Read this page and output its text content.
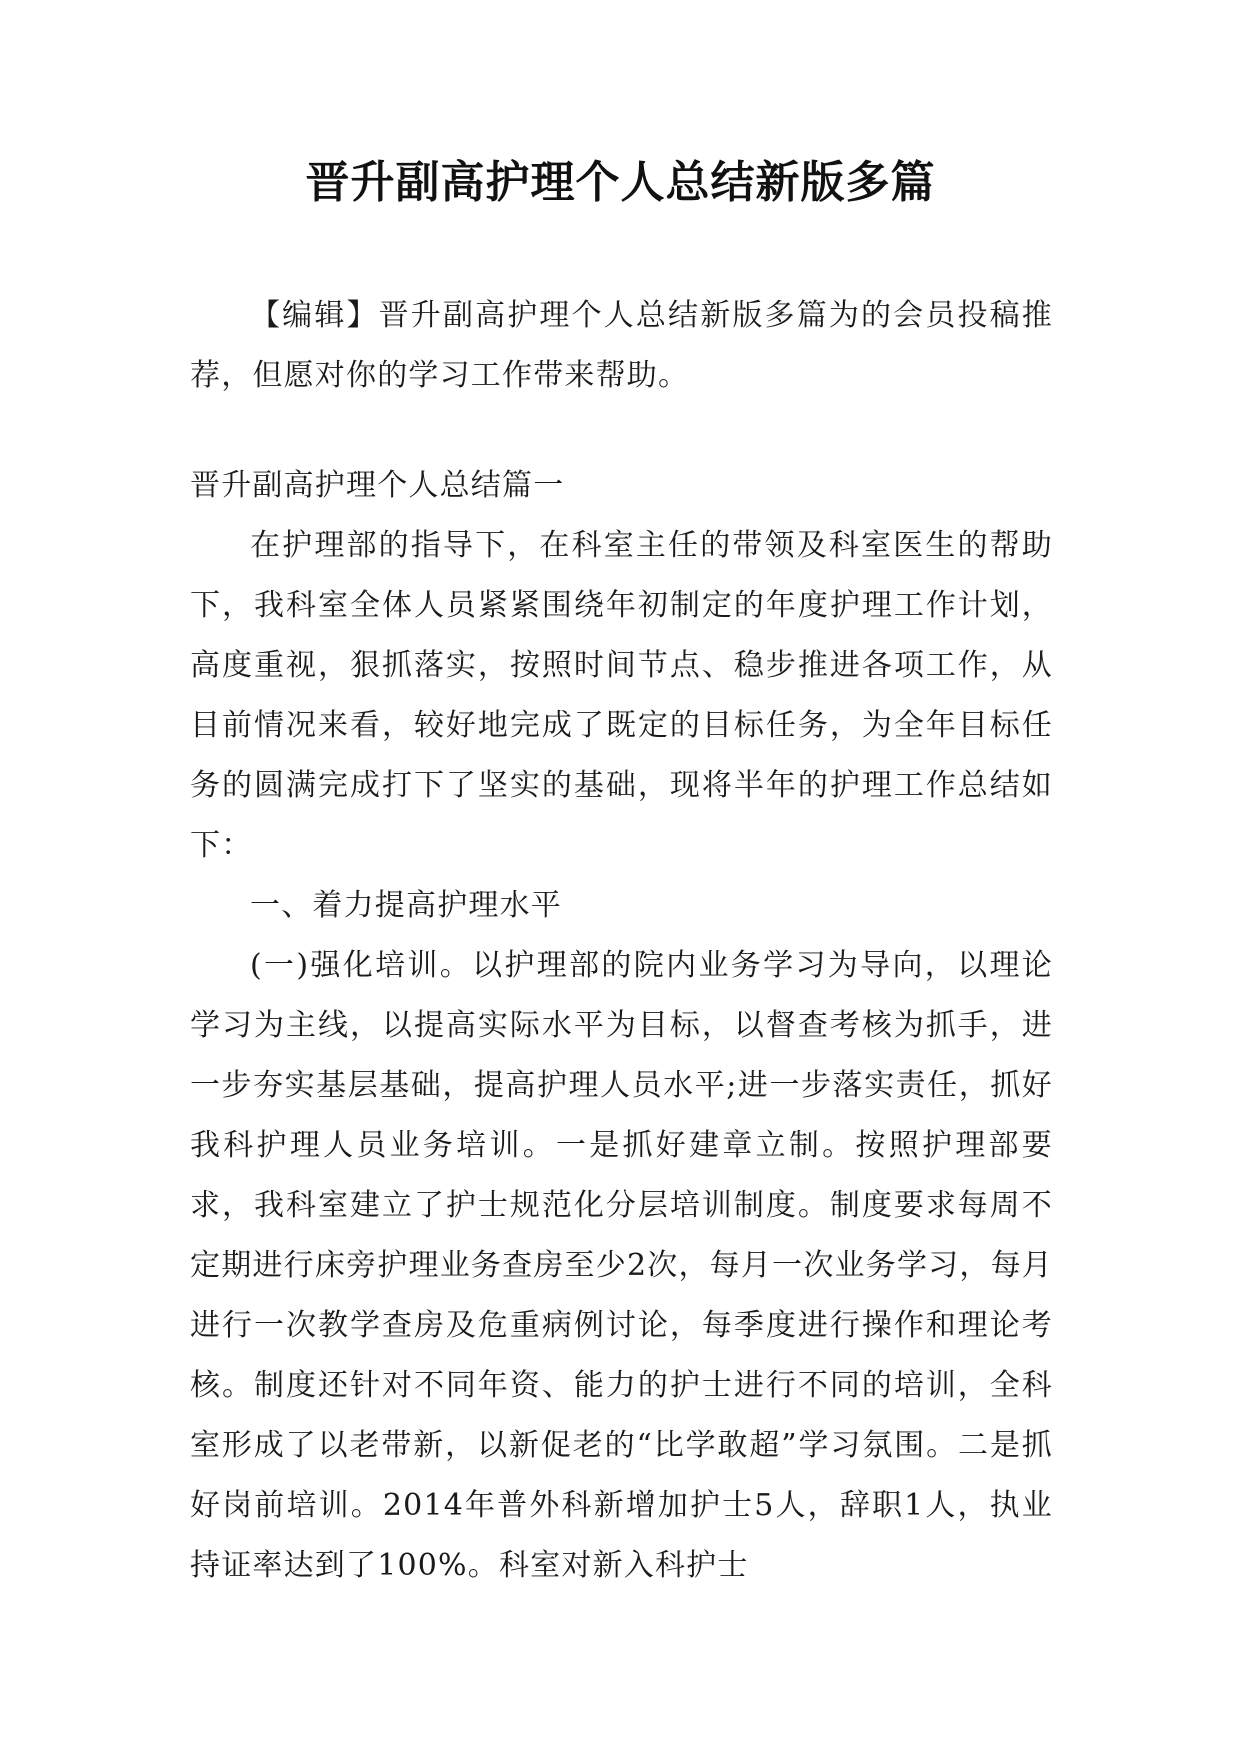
晋升副高护理个人总结新版多篇

【编辑】晋升副高护理个人总结新版多篇为的会员投稿推荐，但愿对你的学习工作带来帮助。

晋升副高护理个人总结篇一

在护理部的指导下，在科室主任的带领及科室医生的帮助下，我科室全体人员紧紧围绕年初制定的年度护理工作计划，高度重视，狠抓落实，按照时间节点、稳步推进各项工作，从目前情况来看，较好地完成了既定的目标任务，为全年目标任务的圆满完成打下了坚实的基础，现将半年的护理工作总结如下：

一、着力提高护理水平

(一)强化培训。以护理部的院内业务学习为导向，以理论学习为主线，以提高实际水平为目标，以督查考核为抓手，进一步夯实基层基础，提高护理人员水平;进一步落实责任，抓好我科护理人员业务培训。一是抓好建章立制。按照护理部要求，我科室建立了护士规范化分层培训制度。制度要求每周不定期进行床旁护理业务查房至少2次，每月一次业务学习，每月进行一次教学查房及危重病例讨论，每季度进行操作和理论考核。制度还针对不同年资、能力的护士进行不同的培训，全科室形成了以老带新，以新促老的“比学敢超”学习氛围。二是抓好岗前培训。2014年普外科新增加护士5人，辞职1人，执业持证率达到了100%。科室对新入科护士
